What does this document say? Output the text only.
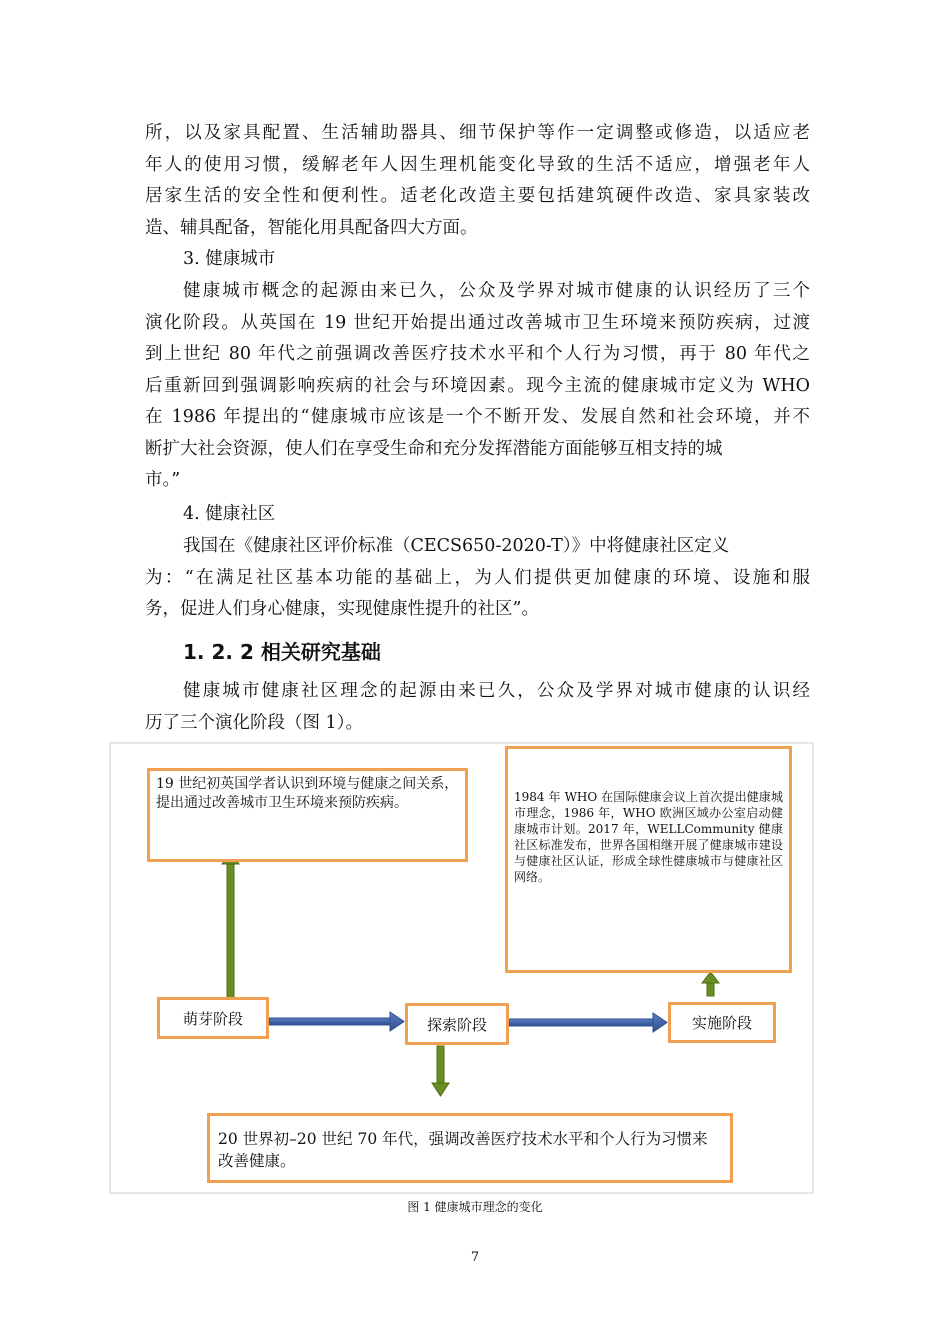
所，以及家具配置、生活辅助器具、细节保护等作一定调整或修造，以适应老
年人的使用习惯，缓解老年人因生理机能变化导致的生活不适应，增强老年人
居家生活的安全性和便利性。适老化改造主要包括建筑硬件改造、家具家装改
造、辅具配备，智能化用具配备四大方面。
3. 健康城市
健康城市概念的起源由来已久，公众及学界对城市健康的认识经历了三个
演化阶段。从英国在 19 世纪开始提出通过改善城市卫生环境来预防疾病，过渡
到上世纪 80 年代之前强调改善医疗技术水平和个人行为习惯，再于 80 年代之
后重新回到强调影响疾病的社会与环境因素。现今主流的健康城市定义为 WHO
在 1986 年提出的“健康城市应该是一个不断开发、发展自然和社会环境，并不
断扩大社会资源，使人们在享受生命和充分发挥潜能方面能够互相支持的城
市。”
4. 健康社区
我国在《健康社区评价标准（CECS650-2020-T）》中将健康社区定义
为：“在满足社区基本功能的基础上，为人们提供更加健康的环境、设施和服
务，促进人们身心健康，实现健康性提升的社区”。
1. 2. 2 相关研究基础
健康城市健康社区理念的起源由来已久，公众及学界对城市健康的认识经
历了三个演化阶段（图 1）。
19 世纪初英国学者认识到环境与健康之间关系，提出通过改善城市卫生环境来预防疾病。	1984 年 WHO 在国际健康会议上首次提出健康城市理念，1986 年，WHO 欧洲区域办公室启动健康城市计划。2017 年，WELLCommunity 健康社区标准发布，世界各国相继开展了健康城市建设与健康社区认证，形成全球性健康城市与健康社区网络。
萌芽阶段	探索阶段	实施阶段
20 世界初–20 世纪 70 年代，强调改善医疗技术水平和个人行为习惯来改善健康。
图 1 健康城市理念的变化
7
